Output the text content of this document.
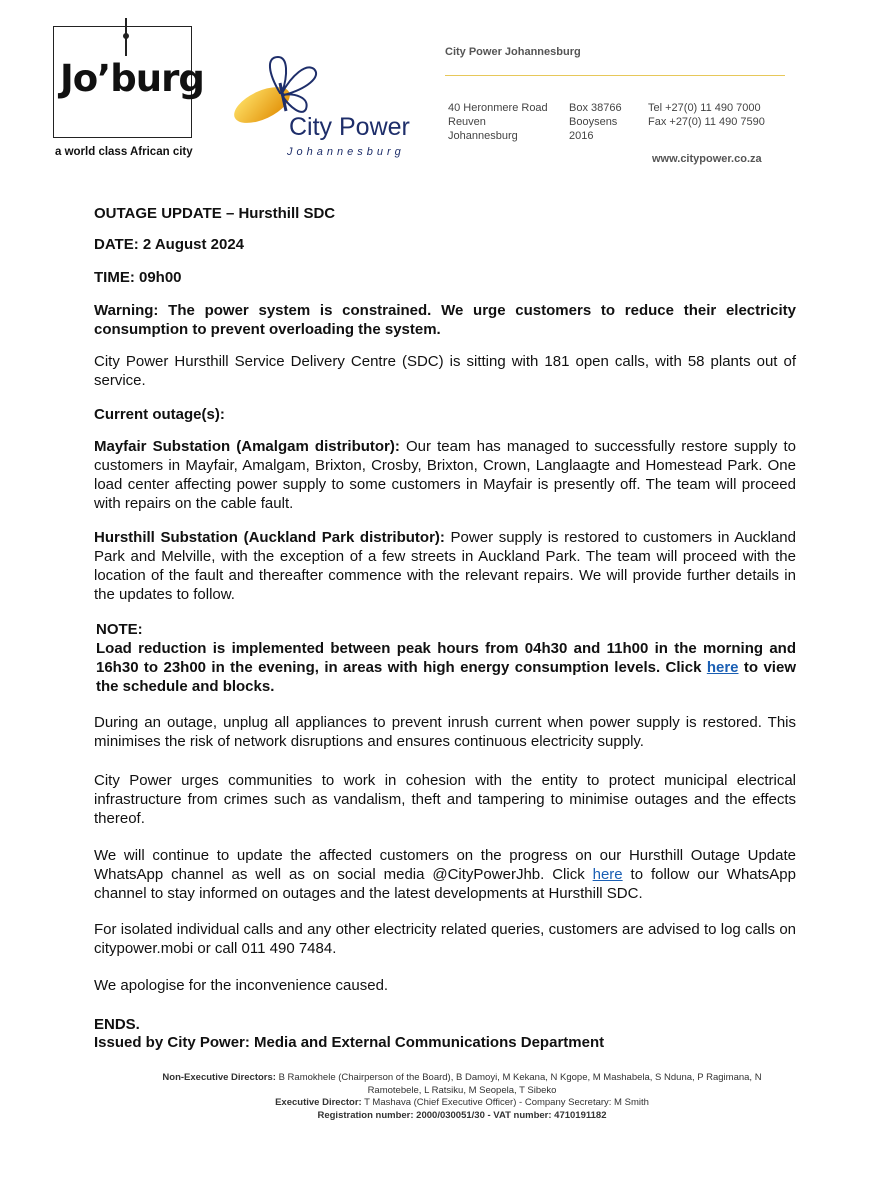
Jo’burg
a world class African city
City Power
Johannesburg
City Power Johannesburg
40 Heronmere Road
Reuven
Johannesburg
Box 38766
Booysens
2016
Tel +27(0) 11 490 7000
Fax +27(0) 11 490 7590
www.citypower.co.za

OUTAGE UPDATE – Hursthill SDC

DATE: 2 August 2024

TIME: 09h00

Warning: The power system is constrained. We urge customers to reduce their electricity consumption to prevent overloading the system.

City Power Hursthill Service Delivery Centre (SDC) is sitting with 181 open calls, with 58 plants out of service.

Current outage(s):

Mayfair Substation (Amalgam distributor): Our team has managed to successfully restore supply to customers in Mayfair, Amalgam, Brixton, Crosby, Brixton, Crown, Langlaagte and Homestead Park. One load center affecting power supply to some customers in Mayfair is presently off. The team will proceed with repairs on the cable fault.

Hursthill Substation (Auckland Park distributor): Power supply is restored to customers in Auckland Park and Melville, with the exception of a few streets in Auckland Park. The team will proceed with the location of the fault and thereafter commence with the relevant repairs. We will provide further details in the updates to follow.

NOTE:
Load reduction is implemented between peak hours from 04h30 and 11h00 in the morning and 16h30 to 23h00 in the evening, in areas with high energy consumption levels. Click here to view the schedule and blocks.

During an outage, unplug all appliances to prevent inrush current when power supply is restored. This minimises the risk of network disruptions and ensures continuous electricity supply.

City Power urges communities to work in cohesion with the entity to protect municipal electrical infrastructure from crimes such as vandalism, theft and tampering to minimise outages and the effects thereof.

We will continue to update the affected customers on the progress on our Hursthill Outage Update WhatsApp channel as well as on social media @CityPowerJhb. Click here to follow our WhatsApp channel to stay informed on outages and the latest developments at Hursthill SDC.

For isolated individual calls and any other electricity related queries, customers are advised to log calls on citypower.mobi or call 011 490 7484.

We apologise for the inconvenience caused.

ENDS.

Issued by City Power: Media and External Communications Department

Non-Executive Directors: B Ramokhele (Chairperson of the Board), B Damoyi, M Kekana, N Kgope, M Mashabela, S Nduna, P Ragimana, N Ramotebele, L Ratsiku, M Seopela, T Sibeko
Executive Director: T Mashava (Chief Executive Officer) - Company Secretary: M Smith
Registration number: 2000/030051/30 - VAT number: 4710191182
